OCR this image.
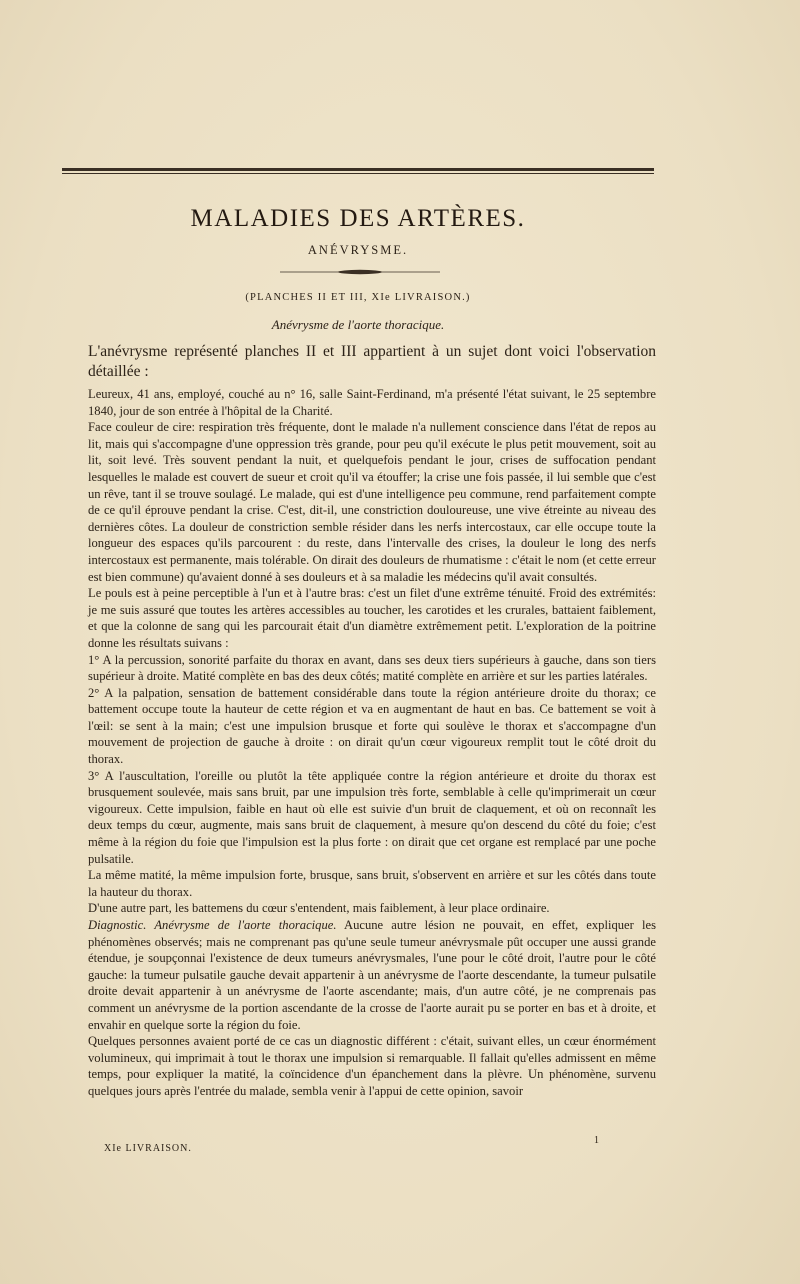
MALADIES DES ARTÈRES.
ANÉVRYSME.
(PLANCHES II ET III, XIe LIVRAISON.)
Anévrysme de l'aorte thoracique.

L'anévrysme représenté planches II et III appartient à un sujet dont voici l'observation détaillée :

Leureux, 41 ans, employé, couché au n° 16, salle Saint-Ferdinand, m'a présenté l'état suivant, le 25 septembre 1840, jour de son entrée à l'hôpital de la Charité.

Face couleur de cire: respiration très fréquente, dont le malade n'a nullement conscience dans l'état de repos au lit, mais qui s'accompagne d'une oppression très grande, pour peu qu'il exécute le plus petit mouvement, soit au lit, soit levé. Très souvent pendant la nuit, et quelquefois pendant le jour, crises de suffocation pendant lesquelles le malade est couvert de sueur et croit qu'il va étouffer; la crise une fois passée, il lui semble que c'est un rêve, tant il se trouve soulagé. Le malade, qui est d'une intelligence peu commune, rend parfaitement compte de ce qu'il éprouve pendant la crise. C'est, dit-il, une constriction douloureuse, une vive étreinte au niveau des dernières côtes. La douleur de constriction semble résider dans les nerfs intercostaux, car elle occupe toute la longueur des espaces qu'ils parcourent : du reste, dans l'intervalle des crises, la douleur le long des nerfs intercostaux est permanente, mais tolérable. On dirait des douleurs de rhumatisme : c'était le nom (et cette erreur est bien commune) qu'avaient donné à ses douleurs et à sa maladie les médecins qu'il avait consultés.

Le pouls est à peine perceptible à l'un et à l'autre bras: c'est un filet d'une extrême ténuité. Froid des extrémités: je me suis assuré que toutes les artères accessibles au toucher, les carotides et les crurales, battaient faiblement, et que la colonne de sang qui les parcourait était d'un diamètre extrêmement petit. L'exploration de la poitrine donne les résultats suivans :

1° A la percussion, sonorité parfaite du thorax en avant, dans ses deux tiers supérieurs à gauche, dans son tiers supérieur à droite. Matité complète en bas des deux côtés; matité complète en arrière et sur les parties latérales.

2° A la palpation, sensation de battement considérable dans toute la région antérieure droite du thorax; ce battement occupe toute la hauteur de cette région et va en augmentant de haut en bas. Ce battement se voit à l'œil: se sent à la main; c'est une impulsion brusque et forte qui soulève le thorax et s'accompagne d'un mouvement de projection de gauche à droite : on dirait qu'un cœur vigoureux remplit tout le côté droit du thorax.

3° A l'auscultation, l'oreille ou plutôt la tête appliquée contre la région antérieure et droite du thorax est brusquement soulevée, mais sans bruit, par une impulsion très forte, semblable à celle qu'imprimerait un cœur vigoureux. Cette impulsion, faible en haut où elle est suivie d'un bruit de claquement, et où on reconnaît les deux temps du cœur, augmente, mais sans bruit de claquement, à mesure qu'on descend du côté du foie; c'est même à la région du foie que l'impulsion est la plus forte : on dirait que cet organe est remplacé par une poche pulsatile.

La même matité, la même impulsion forte, brusque, sans bruit, s'observent en arrière et sur les côtés dans toute la hauteur du thorax.

D'une autre part, les battemens du cœur s'entendent, mais faiblement, à leur place ordinaire.

Diagnostic. Anévrysme de l'aorte thoracique. Aucune autre lésion ne pouvait, en effet, expliquer les phénomènes observés; mais ne comprenant pas qu'une seule tumeur anévrysmale pût occuper une aussi grande étendue, je soupçonnai l'existence de deux tumeurs anévrysmales, l'une pour le côté droit, l'autre pour le côté gauche: la tumeur pulsatile gauche devait appartenir à un anévrysme de l'aorte descendante, la tumeur pulsatile droite devait appartenir à un anévrysme de l'aorte ascendante; mais, d'un autre côté, je ne comprenais pas comment un anévrysme de la portion ascendante de la crosse de l'aorte aurait pu se porter en bas et à droite, et envahir en quelque sorte la région du foie.

Quelques personnes avaient porté de ce cas un diagnostic différent : c'était, suivant elles, un cœur énormément volumineux, qui imprimait à tout le thorax une impulsion si remarquable. Il fallait qu'elles admissent en même temps, pour expliquer la matité, la coïncidence d'un épanchement dans la plèvre. Un phénomène, survenu quelques jours après l'entrée du malade, sembla venir à l'appui de cette opinion, savoir

XIe LIVRAISON.
1
